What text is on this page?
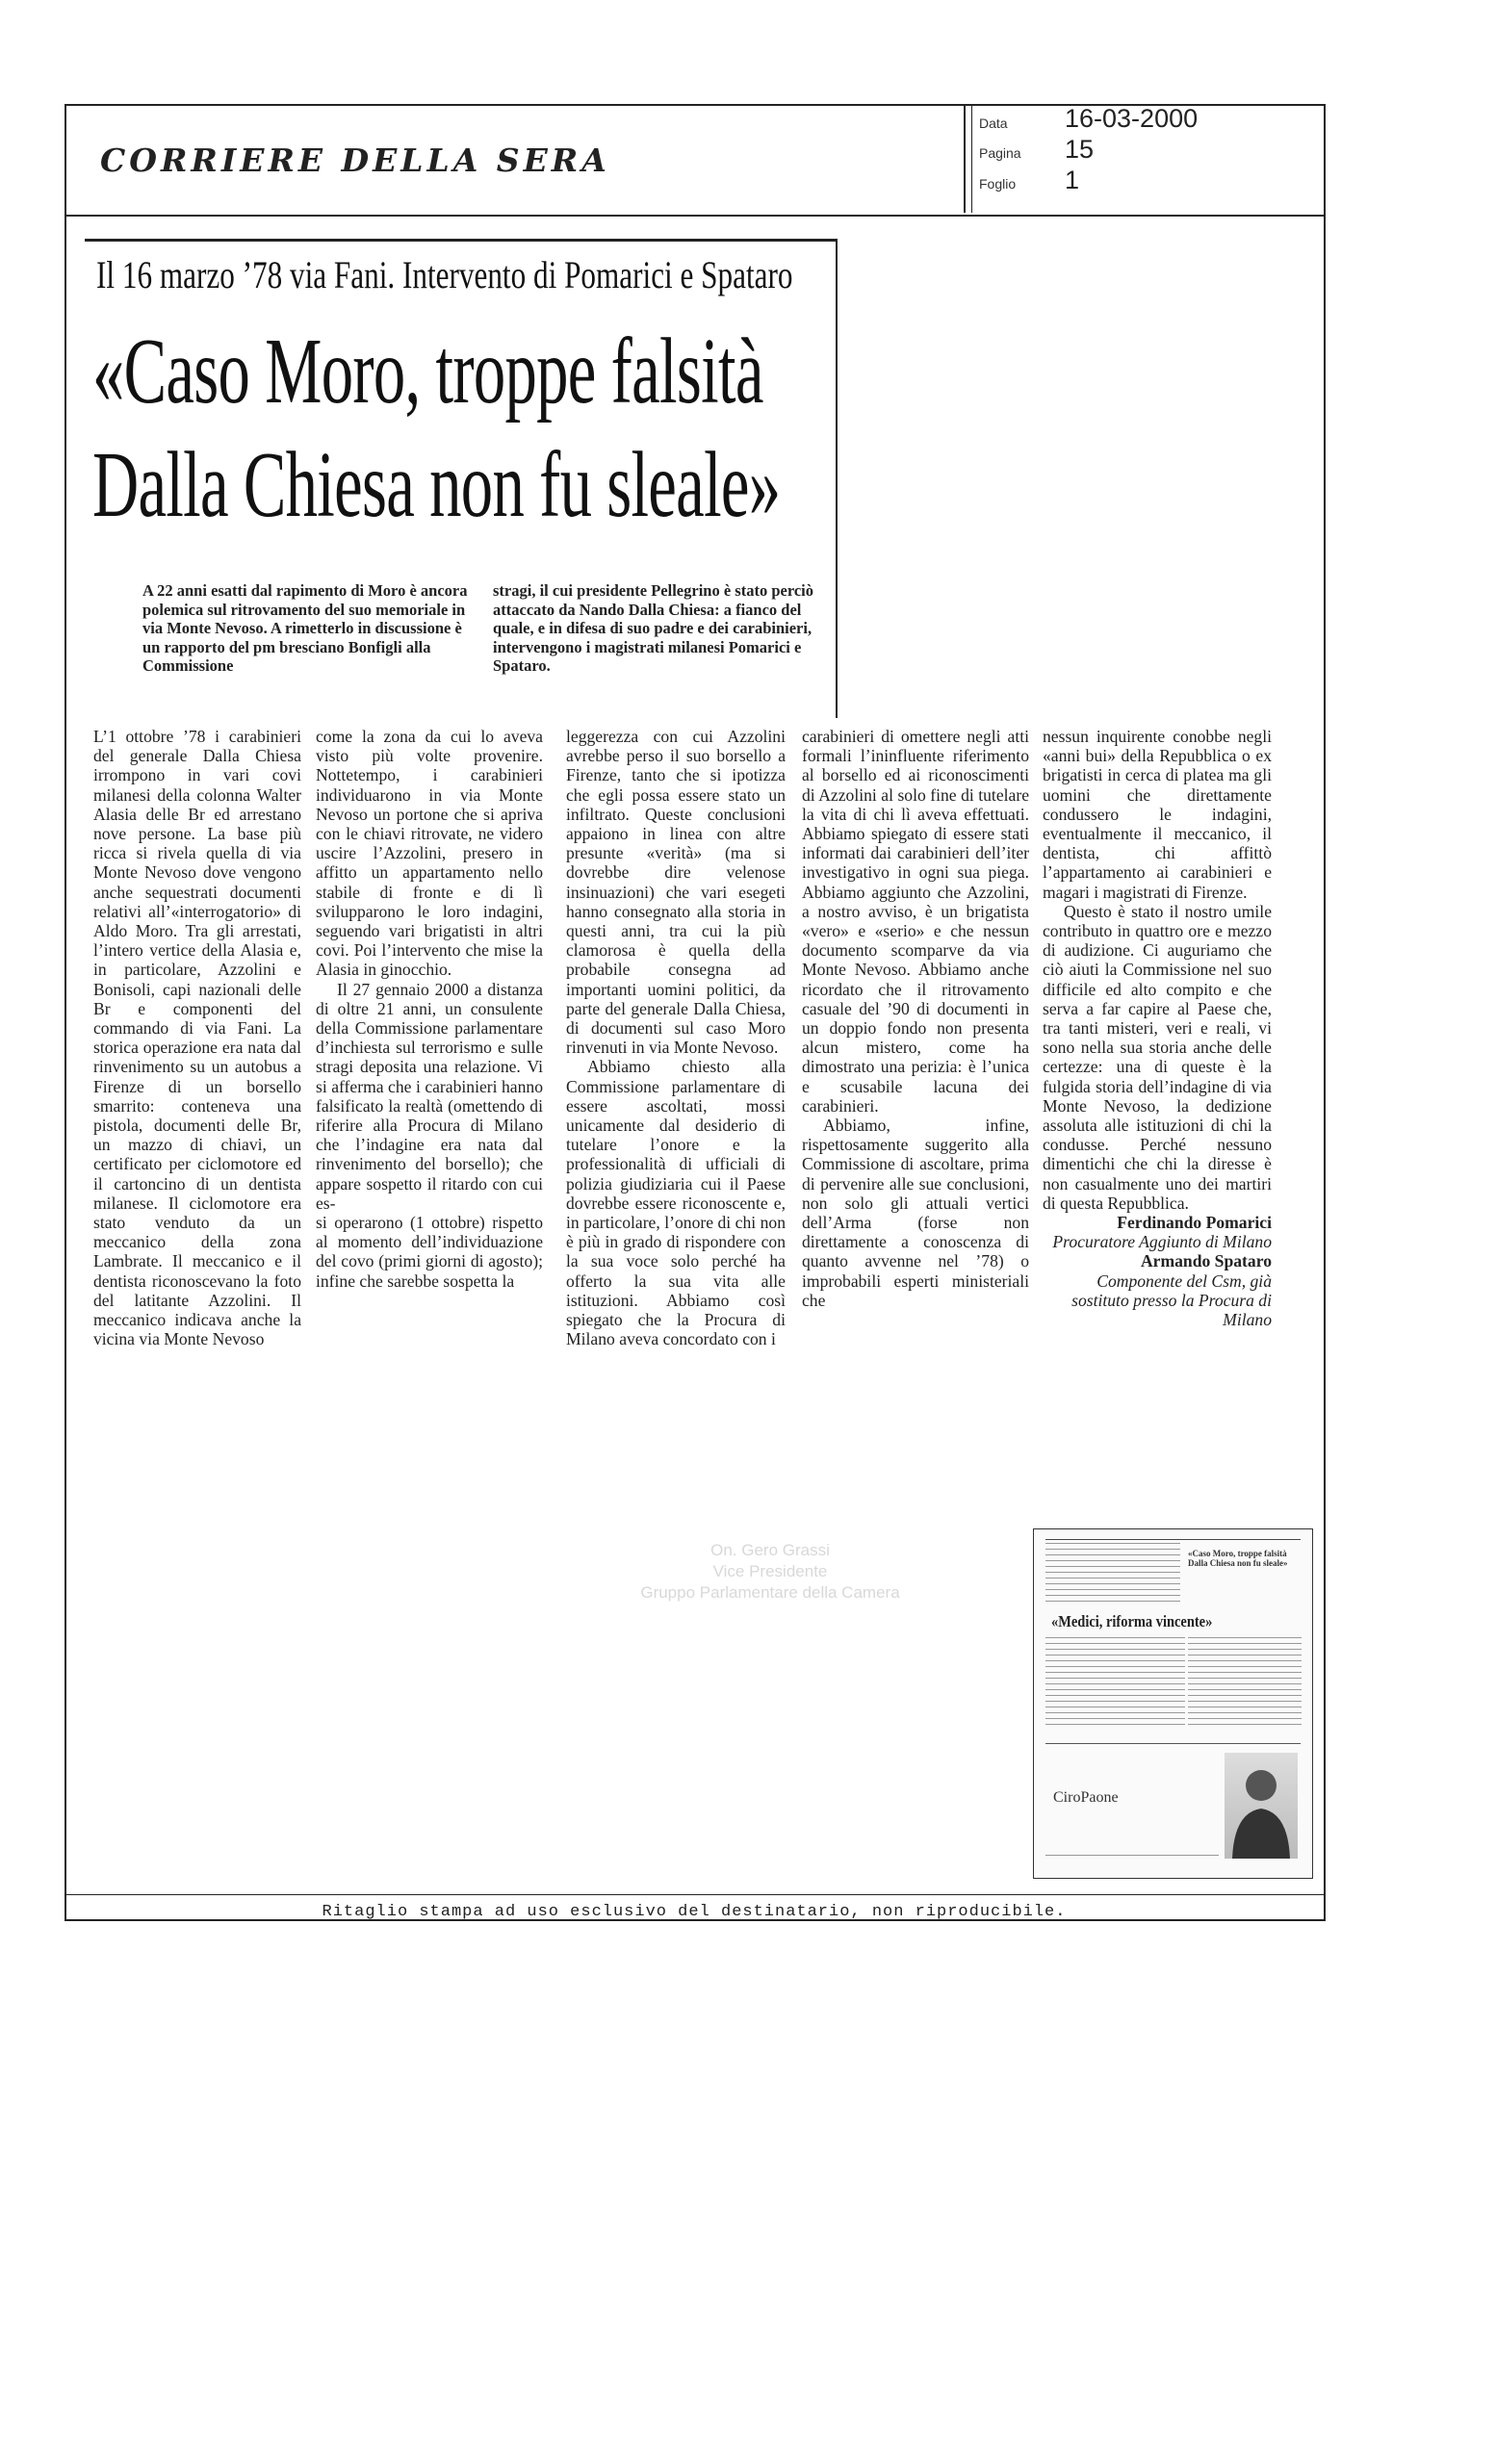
CORRIERE DELLA SERA
Data 16-03-2000
Pagina 15
Foglio 1
Il 16 marzo ’78 via Fani. Intervento di Pomarici e Spataro
«Caso Moro, troppe falsità
Dalla Chiesa non fu sleale»
A 22 anni esatti dal rapimento di Moro è ancora polemica sul ritrovamento del suo memoriale in via Monte Nevoso. A rimetterlo in discussione è un rapporto del pm bresciano Bonfigli alla Commissione
stragi, il cui presidente Pellegrino è stato perciò attaccato da Nando Dalla Chiesa: a fianco del quale, e in difesa di suo padre e dei carabinieri, intervengono i magistrati milanesi Pomarici e Spataro.

L’1 ottobre ’78 i carabinieri del generale Dalla Chiesa irrompono in vari covi milanesi della colonna Walter Alasia delle Br ed arrestano nove persone. La base più ricca si rivela quella di via Monte Nevoso dove vengono anche sequestrati documenti relativi all’«interrogatorio» di Aldo Moro. Tra gli arrestati, l’intero vertice della Alasia e, in particolare, Azzolini e Bonisoli, capi nazionali delle Br e componenti del commando di via Fani. La storica operazione era nata dal rinvenimento su un autobus a Firenze di un borsello smarrito: conteneva una pistola, documenti delle Br, un mazzo di chiavi, un certificato per ciclomotore ed il cartoncino di un dentista milanese. Il ciclomotore era stato venduto da un meccanico della zona Lambrate. Il meccanico e il dentista riconoscevano la foto del latitante Azzolini. Il meccanico indicava anche la vicina via Monte Nevoso

come la zona da cui lo aveva visto più volte provenire. Nottetempo, i carabinieri individuarono in via Monte Nevoso un portone che si apriva con le chiavi ritrovate, ne videro uscire l’Azzolini, presero in affitto un appartamento nello stabile di fronte e di lì svilupparono le loro indagini, seguendo vari brigatisti in altri covi. Poi l’intervento che mise la Alasia in ginocchio.

Il 27 gennaio 2000 a distanza di oltre 21 anni, un consulente della Commissione parlamentare d’inchiesta sul terrorismo e sulle stragi deposita una relazione. Vi si afferma che i carabinieri hanno falsificato la realtà (omettendo di riferire alla Procura di Milano che l’indagine era nata dal rinvenimento del borsello); che appare sospetto il ritardo con cui es-

si operarono (1 ottobre) rispetto al momento dell’individuazione del covo (primi giorni di agosto); infine che sarebbe sospetta la

leggerezza con cui Azzolini avrebbe perso il suo borsello a Firenze, tanto che si ipotizza che egli possa essere stato un infiltrato. Queste conclusioni appaiono in linea con altre presunte «verità» (ma si dovrebbe dire velenose insinuazioni) che vari esegeti hanno consegnato alla storia in questi anni, tra cui la più clamorosa è quella della probabile consegna ad importanti uomini politici, da parte del generale Dalla Chiesa, di documenti sul caso Moro rinvenuti in via Monte Nevoso.

Abbiamo chiesto alla Commissione parlamentare di essere ascoltati, mossi unicamente dal desiderio di tutelare l’onore e la professionalità di ufficiali di polizia giudiziaria cui il Paese dovrebbe essere riconoscente e, in particolare, l’onore di chi non è più in grado di rispondere con la sua voce solo perché ha offerto la sua vita alle istituzioni. Abbiamo così spiegato che la Procura di Milano aveva concordato con i

carabinieri di omettere negli atti formali l’ininfluente riferimento al borsello ed ai riconoscimenti di Azzolini al solo fine di tutelare la vita di chi lì aveva effettuati. Abbiamo spiegato di essere stati informati dai carabinieri dell’iter investigativo in ogni sua piega. Abbiamo aggiunto che Azzolini, a nostro avviso, è un brigatista «vero» e «serio» e che nessun documento scomparve da via Monte Nevoso. Abbiamo anche ricordato che il ritrovamento casuale del ’90 di documenti in un doppio fondo non presenta alcun mistero, come ha dimostrato una perizia: è l’unica e scusabile lacuna dei carabinieri.

Abbiamo, infine, rispettosamente suggerito alla Commissione di ascoltare, prima di pervenire alle sue conclusioni, non solo gli attuali vertici dell’Arma (forse non direttamente a conoscenza di quanto avvenne nel ’78) o improbabili esperti ministeriali che

nessun inquirente conobbe negli «anni bui» della Repubblica o ex brigatisti in cerca di platea ma gli uomini che direttamente condussero le indagini, eventualmente il meccanico, il dentista, chi affittò l’appartamento ai carabinieri e magari i magistrati di Firenze.

Questo è stato il nostro umile contributo in quattro ore e mezzo di audizione. Ci auguriamo che ciò aiuti la Commissione nel suo difficile ed alto compito e che serva a far capire al Paese che, tra tanti misteri, veri e reali, vi sono nella sua storia anche delle certezze: una di queste è la fulgida storia dell’indagine di via Monte Nevoso, la dedizione assoluta alle istituzioni di chi la condusse. Perché nessuno dimentichi che chi la diresse è non casualmente uno dei martiri di questa Repubblica.

Ferdinando Pomarici

Procuratore Aggiunto di Milano

Armando Spataro

Componente del Csm, già sostituto presso la Procura di Milano

On. Gero Grassi
Vice Presidente
Gruppo Parlamentare della Camera
«Caso Moro, troppe falsità Dalla Chiesa non fu sleale»
«Medici, riforma vincente»
CiroPaone
Ritaglio stampa ad uso esclusivo del destinatario, non riproducibile.
